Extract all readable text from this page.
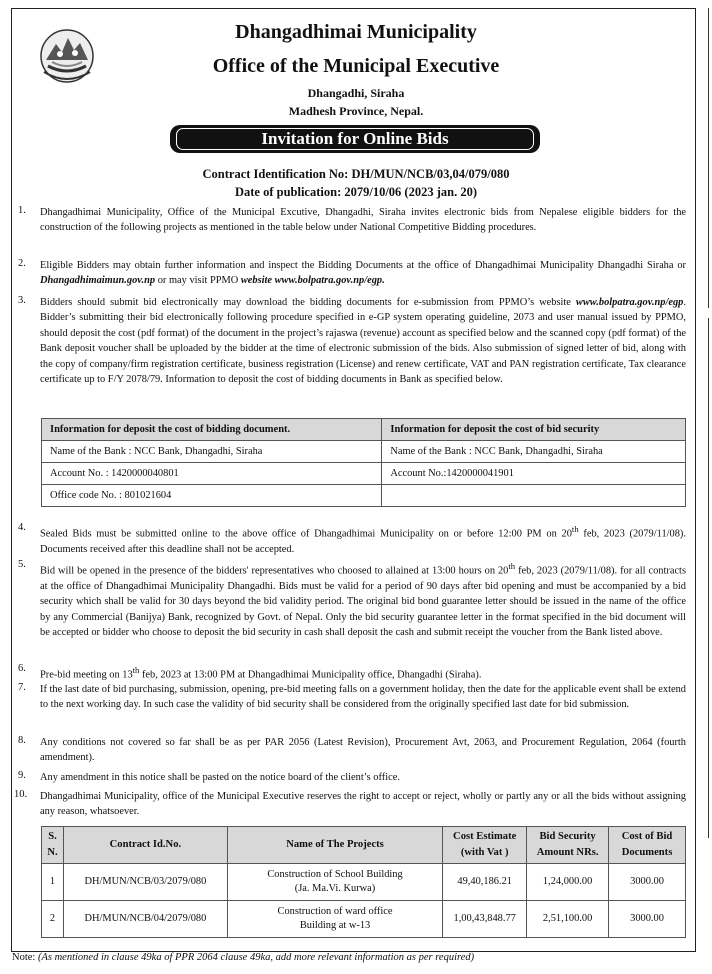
Dhangadhimai Municipality
Office of the Municipal Executive
Dhangadhi, Siraha
Madhesh Province, Nepal.
Invitation for Online Bids
Contract Identification No: DH/MUN/NCB/03,04/079/080
Date of publication: 2079/10/06 (2023 jan. 20)
1. Dhangadhimai Municipality, Office of the Municipal Excutive, Dhangadhi, Siraha invites electronic bids from Nepalese eligible bidders for the construction of the following projects as mentioned in the table below under National Competitive Bidding procedures.

2. Eligible Bidders may obtain further information and inspect the Bidding Documents at the office of Dhangadhimai Municipality Dhangadhi Siraha or Dhangadhimaimun.gov.np or may visit PPMO website www.bolpatra.gov.np/egp.

3. Bidders should submit bid electronically may download the bidding documents for e-submission from PPMO’s website www.bolpatra.gov.np/egp. Bidder’s submitting their bid electronically following procedure specified in e-GP system operating guideline, 2073 and user manual issued by PPMO, should deposit the cost (pdf format) of the document in the project’s rajaswa (revenue) account as specified below and the scanned copy (pdf format) of the Bank deposit voucher shall be uploaded by the bidder at the time of electronic submission of the bids. Also submission of signed letter of bid, along with the copy of company/firm registration certificate, business registration (License) and renew certificate, VAT and PAN registration certificate, Tax clearance certificate up to F/Y 2078/79. Information to deposit the cost of bidding documents in Bank as specified below.

Information for deposit the cost of bidding document.	Information for deposit the cost of bid security
Name of the Bank : NCC Bank, Dhangadhi, Siraha	Name of the Bank : NCC Bank, Dhangadhi, Siraha
Account No. : 1420000040801	Account No.:1420000041901
Office code No. : 801021604	
4.

Sealed Bids must be submitted online to the above office of Dhangadhimai Municipality on or before 12:00 PM on 20th feb, 2023 (2079/11/08). Documents received after this deadline shall not be accepted.

5.

Bid will be opened in the presence of the bidders' representatives who choosed to allained at 13:00 hours on 20th feb, 2023 (2079/11/08). for all contracts at the office of Dhangadhimai Municipality Dhangadhi. Bids must be valid for a period of 90 days after bid opening and must be accompanied by a bid security which shall be valid for 30 days beyond the bid validity period. The original bid bond guarantee letter should be issued in the name of the office by any Commercial (Banijya) Bank, recognized by Govt. of Nepal. Only the bid security guarantee letter in the format specified in the bid document will be accepted or bidder who choose to deposit the bid security in cash shall deposit the cash and submit receipt the voucher from the Bank listed above.

6.

Pre-bid meeting on 13th feb, 2023 at 13:00 PM at Dhangadhimai Municipality office, Dhangadhi (Siraha).

7. If the last date of bid purchasing, submission, opening, pre-bid meeting falls on a government holiday, then the date for the applicable event shall be extend to the next working day. In such case the validity of bid security shall be considered from the originally specified last date for bid submission.

8. Any conditions not covered so far shall be as per PAR 2056 (Latest Revision), Procurement Avt, 2063, and Procurement Regulation, 2064 (fourth amendment).

9. Any amendment in this notice shall be pasted on the notice board of the client’s office.

10. Dhangadhimai Municipality, office of the Municipal Executive reserves the right to accept or reject, wholly or partly any or all the bids without assigning any reason, whatsoever.

S. N.	Contract Id.No.	Name of The Projects	Cost Estimate (with Vat )	Bid Security Amount NRs.	Cost of Bid Documents
1	DH/MUN/NCB/03/2079/080	Construction of School Building
(Ja. Ma.Vi. Kurwa)	49,40,186.21	1,24,000.00	3000.00
2	DH/MUN/NCB/04/2079/080	Construction of ward office
Building at w-13	1,00,43,848.77	2,51,100.00	3000.00
Note: (As mentioned in clause 49ka of PPR 2064 clause 49ka, add more relevant information as per required)
